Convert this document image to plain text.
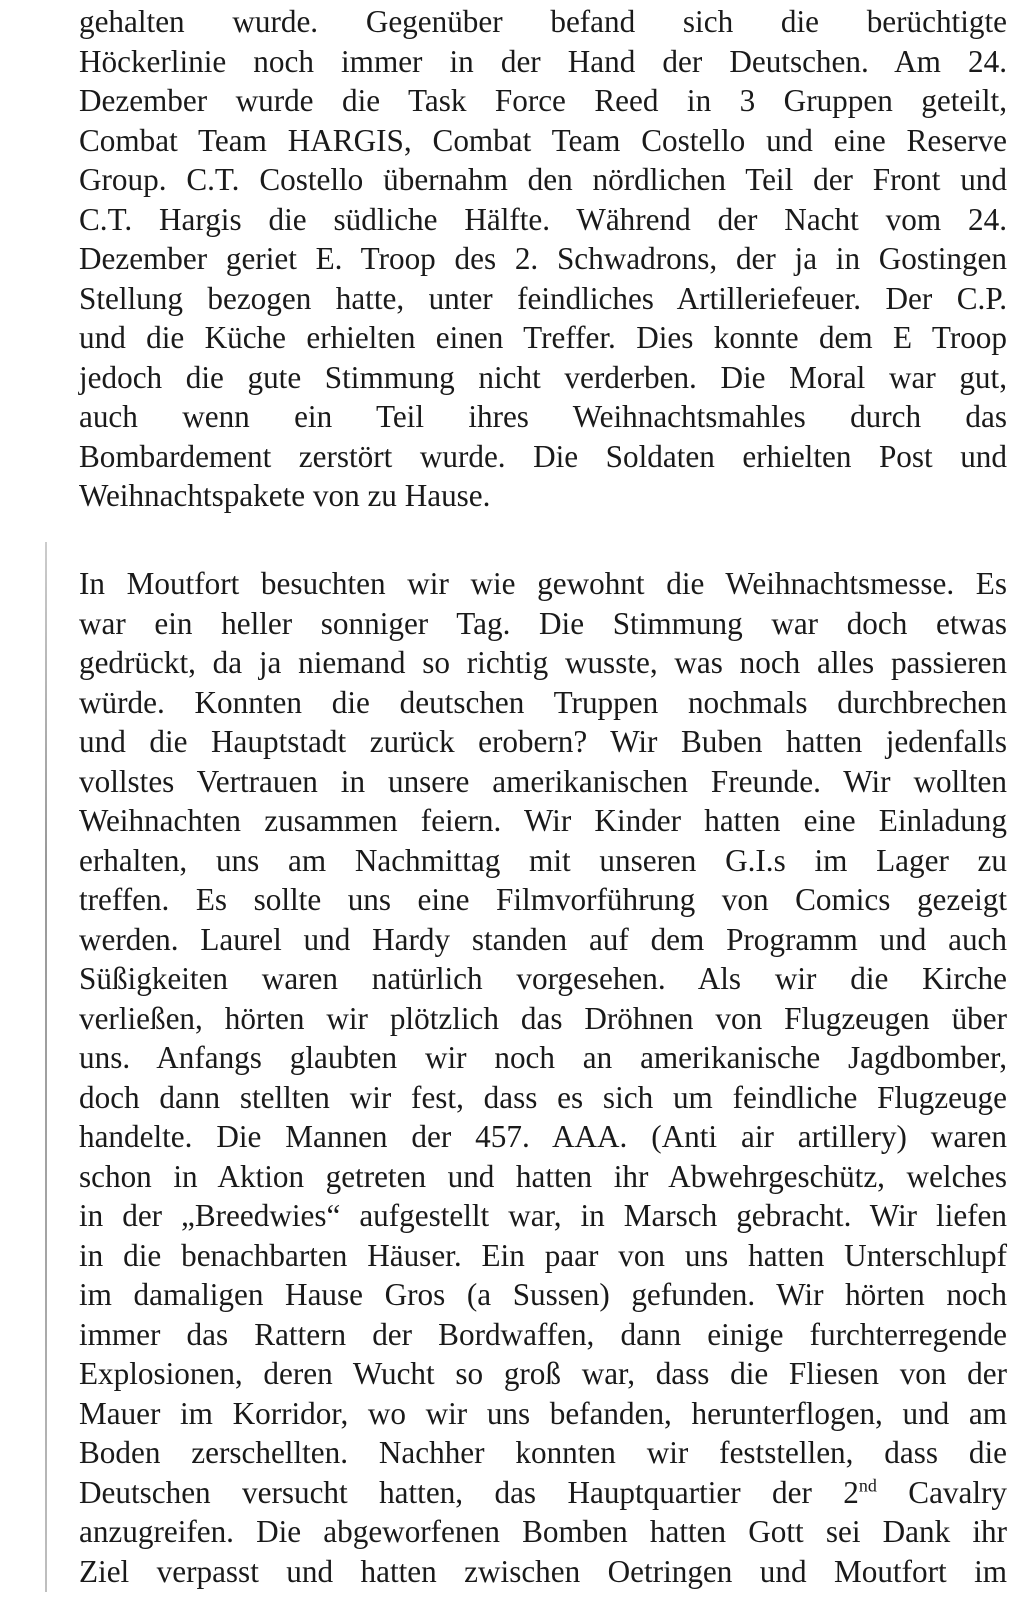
gehalten wurde. Gegenüber befand sich die berüchtigte
Höckerlinie noch immer in der Hand der Deutschen. Am 24.
Dezember wurde die Task Force Reed in 3 Gruppen geteilt,
Combat Team HARGIS, Combat Team Costello und eine Reserve
Group. C.T. Costello übernahm den nördlichen Teil der Front und
C.T. Hargis die südliche Hälfte. Während der Nacht vom 24.
Dezember geriet E. Troop des 2. Schwadrons, der ja in Gostingen
Stellung bezogen hatte, unter feindliches Artilleriefeuer. Der C.P.
und die Küche erhielten einen Treffer. Dies konnte dem E Troop
jedoch die gute Stimmung nicht verderben. Die Moral war gut,
auch wenn ein Teil ihres Weihnachtsmahles durch das
Bombardement zerstört wurde. Die Soldaten erhielten Post und
Weihnachtspakete von zu Hause.
In Moutfort besuchten wir wie gewohnt die Weihnachtsmesse. Es
war ein heller sonniger Tag. Die Stimmung war doch etwas
gedrückt, da ja niemand so richtig wusste, was noch alles passieren
würde. Konnten die deutschen Truppen nochmals durchbrechen
und die Hauptstadt zurück erobern? Wir Buben hatten jedenfalls
vollstes Vertrauen in unsere amerikanischen Freunde. Wir wollten
Weihnachten zusammen feiern. Wir Kinder hatten eine Einladung
erhalten, uns am Nachmittag mit unseren G.I.s im Lager zu
treffen. Es sollte uns eine Filmvorführung von Comics gezeigt
werden. Laurel und Hardy standen auf dem Programm und auch
Süßigkeiten waren natürlich vorgesehen. Als wir die Kirche
verließen, hörten wir plötzlich das Dröhnen von Flugzeugen über
uns. Anfangs glaubten wir noch an amerikanische Jagdbomber,
doch dann stellten wir fest, dass es sich um feindliche Flugzeuge
handelte. Die Mannen der 457. AAA. (Anti air artillery) waren
schon in Aktion getreten und hatten ihr Abwehrgeschütz, welches
in der „Breedwies“ aufgestellt war, in Marsch gebracht. Wir liefen
in die benachbarten Häuser. Ein paar von uns hatten Unterschlupf
im damaligen Hause Gros (a Sussen) gefunden. Wir hörten noch
immer das Rattern der Bordwaffen, dann einige furchterregende
Explosionen, deren Wucht so groß war, dass die Fliesen von der
Mauer im Korridor, wo wir uns befanden, herunterflogen, und am
Boden zerschellten. Nachher konnten wir feststellen, dass die
Deutschen versucht hatten, das Hauptquartier der 2nd Cavalry
anzugreifen. Die abgeworfenen Bomben hatten Gott sei Dank ihr
Ziel verpasst und hatten zwischen Oetringen und Moutfort im
